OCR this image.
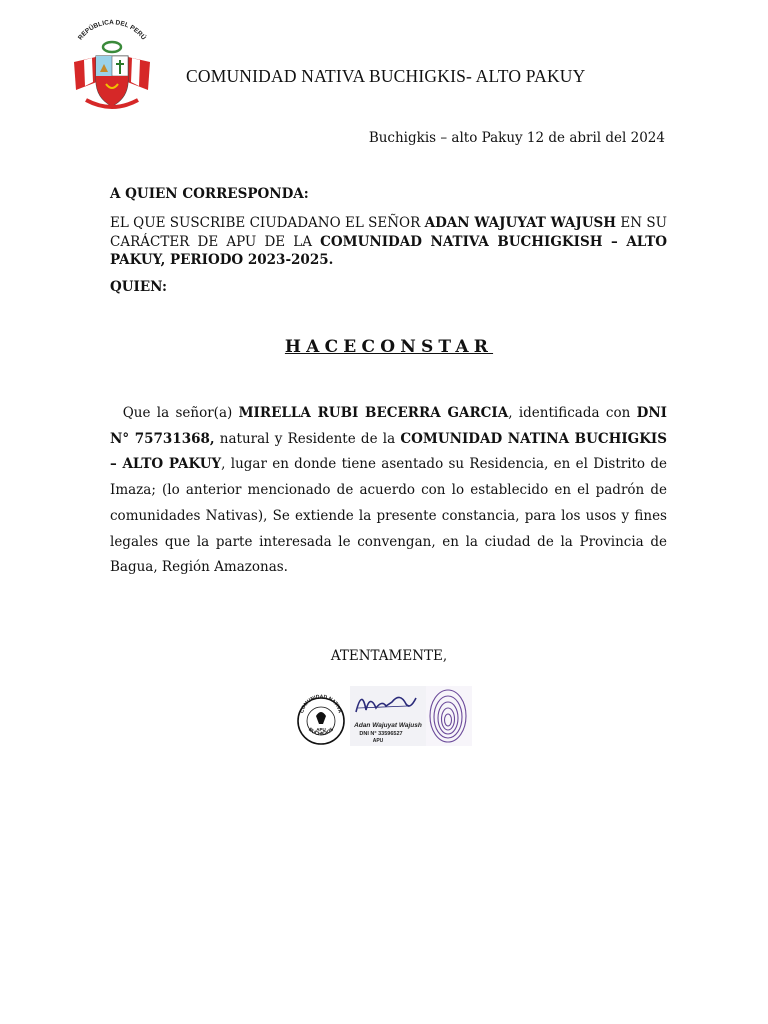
REPÚBLICA DEL PERÚ
COMUNIDAD NATIVA BUCHIGKIS- ALTO PAKUY
Buchigkis – alto Pakuy 12 de abril del 2024
A QUIEN CORRESPONDA:
EL QUE SUSCRIBE CIUDADANO EL SEÑOR ADAN WAJUYAT WAJUSH EN SU CARÁCTER DE APU DE LA COMUNIDAD NATIVA BUCHIGKISH – ALTO PAKUY, PERIODO 2023-2025.
QUIEN:
HACECONSTAR
Que la señor(a) MIRELLA RUBI BECERRA GARCIA, identificada con DNI N° 75731368, natural y Residente de la COMUNIDAD NATINA BUCHIGKIS – ALTO PAKUY, lugar en donde tiene asentado su Residencia, en el Distrito de Imaza; (lo anterior mencionado de acuerdo con lo establecido en el padrón de comunidades Nativas), Se extiende la presente constancia, para los usos y fines legales que la parte interesada le convengan, en la ciudad de la Provincia de Bagua, Región Amazonas.
ATENTAMENTE,
COMUNIDAD NATIVA
BUCHIGKIS
APU
Adan Wajuyat Wajush
DNI N° 33596527
APU
